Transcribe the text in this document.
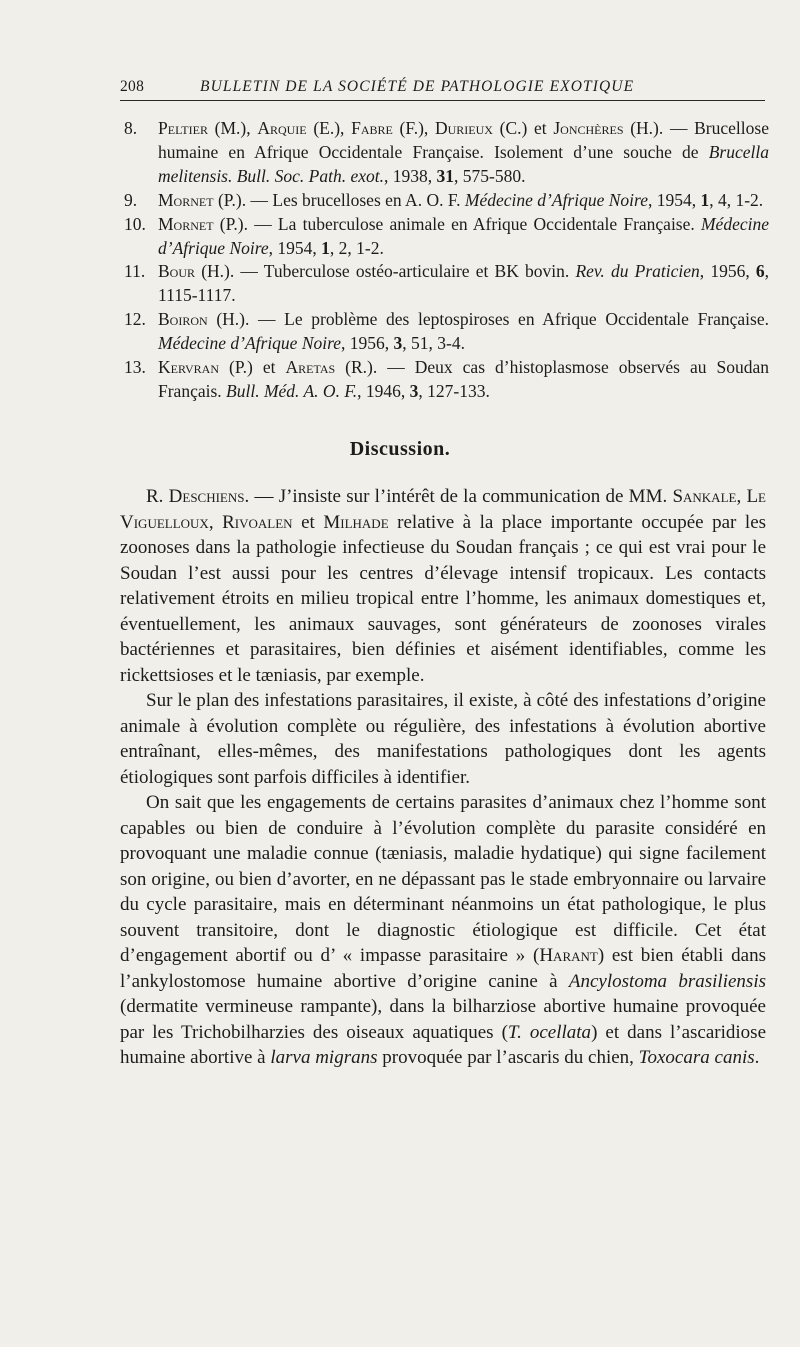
208	BULLETIN DE LA SOCIÉTÉ DE PATHOLOGIE EXOTIQUE

8. Peltier (M.), Arquie (E.), Fabre (F.), Durieux (C.) et Jonchères (H.). — Brucellose humaine en Afrique Occidentale Française. Isolement d’une souche de Brucella melitensis. Bull. Soc. Path. exot., 1938, 31, 575-580.

9. Mornet (P.). — Les brucelloses en A. O. F. Médecine d’Afrique Noire, 1954, 1, 4, 1-2.

10. Mornet (P.). — La tuberculose animale en Afrique Occidentale Française. Médecine d’Afrique Noire, 1954, 1, 2, 1-2.

11. Bour (H.). — Tuberculose ostéo-articulaire et BK bovin. Rev. du Praticien, 1956, 6, 1115-1117.

12. Boiron (H.). — Le problème des leptospiroses en Afrique Occidentale Française. Médecine d’Afrique Noire, 1956, 3, 51, 3-4.

13. Kervran (P.) et Aretas (R.). — Deux cas d’histoplasmose observés au Soudan Français. Bull. Méd. A. O. F., 1946, 3, 127-133.

Discussion.

R. Deschiens. — J’insiste sur l’intérêt de la communication de MM. Sankale, Le Viguelloux, Rivoalen et Milhade relative à la place importante occupée par les zoonoses dans la pathologie infectieuse du Soudan français ; ce qui est vrai pour le Soudan l’est aussi pour les centres d’élevage intensif tropicaux. Les contacts relativement étroits en milieu tropical entre l’homme, les animaux domestiques et, éventuellement, les animaux sauvages, sont générateurs de zoonoses virales bactériennes et parasitaires, bien définies et aisément identifiables, comme les rickettsioses et le tæniasis, par exemple.

Sur le plan des infestations parasitaires, il existe, à côté des infestations d’origine animale à évolution complète ou régulière, des infestations à évolution abortive entraînant, elles-mêmes, des manifestations pathologiques dont les agents étiologiques sont parfois difficiles à identifier.

On sait que les engagements de certains parasites d’animaux chez l’homme sont capables ou bien de conduire à l’évolution complète du parasite considéré en provoquant une maladie connue (tæniasis, maladie hydatique) qui signe facilement son origine, ou bien d’avorter, en ne dépassant pas le stade embryonnaire ou larvaire du cycle parasitaire, mais en déterminant néanmoins un état pathologique, le plus souvent transitoire, dont le diagnostic étiologique est difficile. Cet état d’engagement abortif ou d’ « impasse parasitaire » (Harant) est bien établi dans l’ankylostomose humaine abortive d’origine canine à Ancylostoma brasiliensis (dermatite vermineuse rampante), dans la bilharziose abortive humaine provoquée par les Trichobilharzies des oiseaux aquatiques (T. ocellata) et dans l’ascaridiose humaine abortive à larva migrans provoquée par l’ascaris du chien, Toxocara canis.
